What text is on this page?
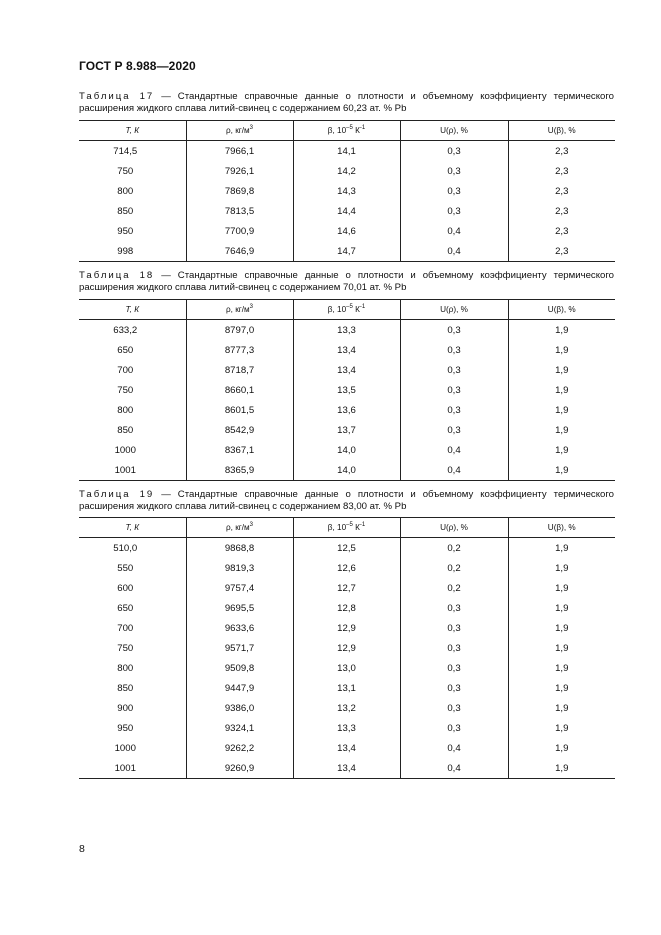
ГОСТ Р 8.988—2020
Таблица 17 — Стандартные справочные данные о плотности и объемному коэффициенту термического расширения жидкого сплава литий-свинец с содержанием 60,23 ат. % Pb
T, К	ρ, $кг/м^3$	β, $10^{-5}$ $К^{-1}$	U(ρ), %	U(β), %
714,5	7966,1	14,1	0,3	2,3
750	7926,1	14,2	0,3	2,3
800	7869,8	14,3	0,3	2,3
850	7813,5	14,4	0,3	2,3
950	7700,9	14,6	0,4	2,3
998	7646,9	14,7	0,4	2,3
Таблица 18 — Стандартные справочные данные о плотности и объемному коэффициенту термического расширения жидкого сплава литий-свинец с содержанием 70,01 ат. % Pb
T, К	ρ, $кг/м^3$	β, $10^{-5}$ $К^{-1}$	U(ρ), %	U(β), %
633,2	8797,0	13,3	0,3	1,9
650	8777,3	13,4	0,3	1,9
700	8718,7	13,4	0,3	1,9
750	8660,1	13,5	0,3	1,9
800	8601,5	13,6	0,3	1,9
850	8542,9	13,7	0,3	1,9
1000	8367,1	14,0	0,4	1,9
1001	8365,9	14,0	0,4	1,9
Таблица 19 — Стандартные справочные данные о плотности и объемному коэффициенту термического расширения жидкого сплава литий-свинец с содержанием 83,00 ат. % Pb
T, К	ρ, $кг/м^3$	β, $10^{-5}$ $К^{-1}$	U(ρ), %	U(β), %
510,0	9868,8	12,5	0,2	1,9
550	9819,3	12,6	0,2	1,9
600	9757,4	12,7	0,2	1,9
650	9695,5	12,8	0,3	1,9
700	9633,6	12,9	0,3	1,9
750	9571,7	12,9	0,3	1,9
800	9509,8	13,0	0,3	1,9
850	9447,9	13,1	0,3	1,9
900	9386,0	13,2	0,3	1,9
950	9324,1	13,3	0,3	1,9
1000	9262,2	13,4	0,4	1,9
1001	9260,9	13,4	0,4	1,9
8
